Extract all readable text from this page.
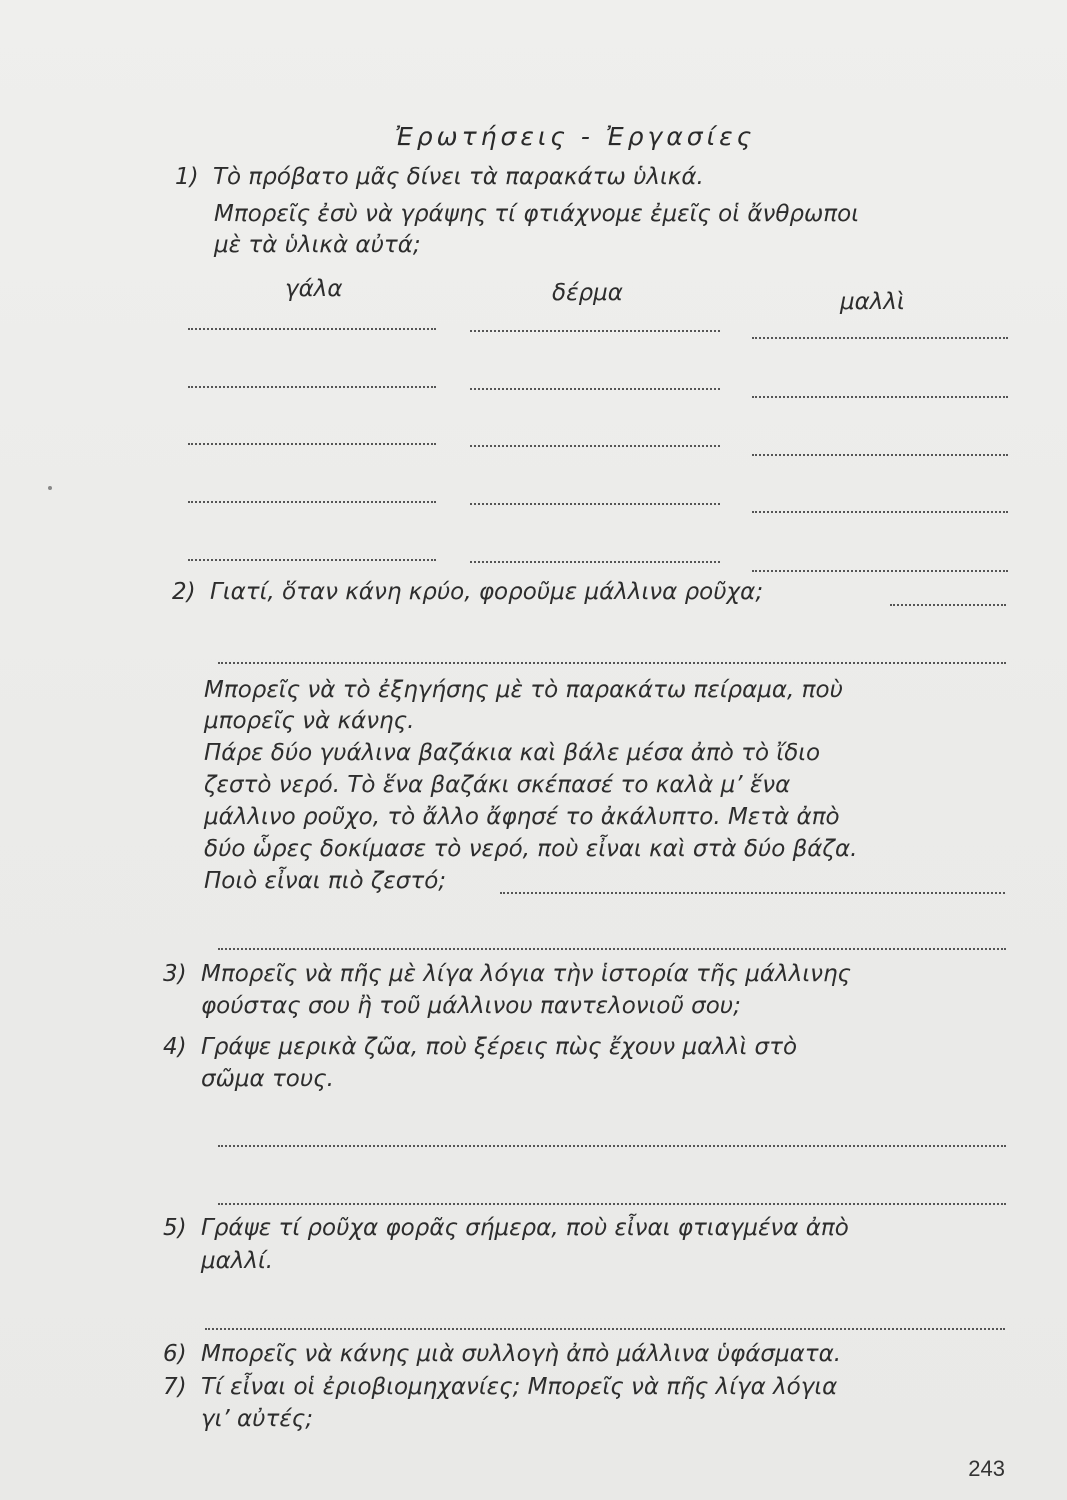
Ἐρωτήσεις - Ἐργασίες
1) Τὸ πρόβατο μᾶς δίνει τὰ παρακάτω ὑλικά.
Μπορεῖς ἐσὺ νὰ γράψης τί φτιάχνομε ἐμεῖς οἱ ἄνθρωποι
μὲ τὰ ὑλικὰ αὐτά;
γάλα	δέρμα	μαλλὶ
2) Γιατί, ὅταν κάνη κρύο, φοροῦμε μάλλινα ροῦχα;
Μπορεῖς νὰ τὸ ἐξηγήσης μὲ τὸ παρακάτω πείραμα, ποὺ
μπορεῖς νὰ κάνης.
Πάρε δύο γυάλινα βαζάκια καὶ βάλε μέσα ἀπὸ τὸ ἴδιο
ζεστὸ νερό. Τὸ ἕνα βαζάκι σκέπασέ το καλὰ μ’ ἕνα
μάλλινο ροῦχο, τὸ ἄλλο ἄφησέ το ἀκάλυπτο. Μετὰ ἀπὸ
δύο ὧρες δοκίμασε τὸ νερό, ποὺ εἶναι καὶ στὰ δύο βάζα.
Ποιὸ εἶναι πιὸ ζεστό;
3) Μπορεῖς νὰ πῆς μὲ λίγα λόγια τὴν ἱστορία τῆς μάλλινης
φούστας σου ἢ τοῦ μάλλινου παντελονιοῦ σου;
4) Γράψε μερικὰ ζῶα, ποὺ ξέρεις πὼς ἔχουν μαλλὶ στὸ
σῶμα τους.
5) Γράψε τί ροῦχα φορᾶς σήμερα, ποὺ εἶναι φτιαγμένα ἀπὸ
μαλλί.
6) Μπορεῖς νὰ κάνης μιὰ συλλογὴ ἀπὸ μάλλινα ὑφάσματα.
7) Τί εἶναι οἱ ἐριοβιομηχανίες; Μπορεῖς νὰ πῆς λίγα λόγια
γι’ αὐτές;
243
